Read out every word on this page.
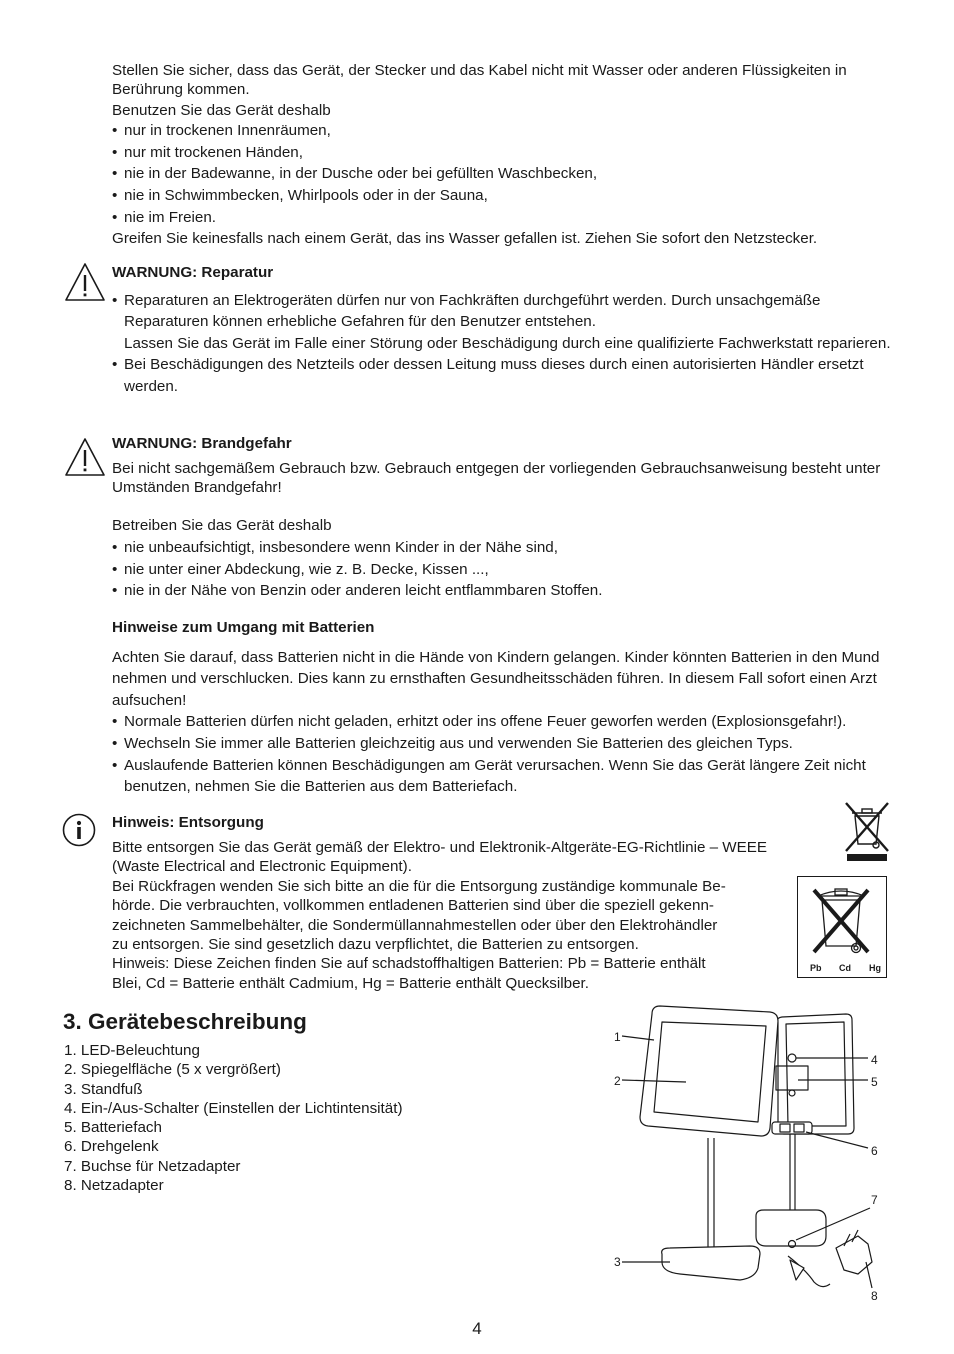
Stellen Sie sicher, dass das Gerät, der Stecker und das Kabel nicht mit Wasser oder anderen Flüssigkeiten in Berührung kommen.

Benutzen Sie das Gerät deshalb

• nur in trockenen Innenräumen,

• nur mit trockenen Händen,

• nie in der Badewanne, in der Dusche oder bei gefüllten Waschbecken,

• nie in Schwimmbecken, Whirlpools oder in der Sauna,

• nie im Freien.

Greifen Sie keinesfalls nach einem Gerät, das ins Wasser gefallen ist. Ziehen Sie sofort den Netzstecker.

WARNUNG: Reparatur

• Reparaturen an Elektrogeräten dürfen nur von Fachkräften durchgeführt werden. Durch unsachgemäße Reparaturen können erhebliche Gefahren für den Benutzer entstehen.

Lassen Sie das Gerät im Falle einer Störung oder Beschädigung durch eine qualifizierte Fachwerkstatt reparieren.

• Bei Beschädigungen des Netzteils oder dessen Leitung muss dieses durch einen autorisierten Händler ersetzt werden.

WARNUNG: Brandgefahr

Bei nicht sachgemäßem Gebrauch bzw. Gebrauch entgegen der vorliegenden Gebrauchsanweisung besteht unter Umständen Brandgefahr!

Betreiben Sie das Gerät deshalb

• nie unbeaufsichtigt, insbesondere wenn Kinder in der Nähe sind,

• nie unter einer Abdeckung, wie z. B. Decke, Kissen ...,

• nie in der Nähe von Benzin oder anderen leicht entflammbaren Stoffen.

Hinweise zum Umgang mit Batterien

Achten Sie darauf, dass Batterien nicht in die Hände von Kindern gelangen. Kinder könnten Batterien in den Mund nehmen und verschlucken. Dies kann zu ernsthaften Gesundheitsschäden führen. In diesem Fall sofort einen Arzt aufsuchen!

• Normale Batterien dürfen nicht geladen, erhitzt oder ins offene Feuer geworfen werden (Explosionsgefahr!).

• Wechseln Sie immer alle Batterien gleichzeitig aus und verwenden Sie Batterien des gleichen Typs.

• Auslaufende Batterien können Beschädigungen am Gerät verursachen. Wenn Sie das Gerät längere Zeit nicht benutzen, nehmen Sie die Batterien aus dem Batteriefach.

Hinweis: Entsorgung

Bitte entsorgen Sie das Gerät gemäß der Elektro- und Elektronik-Altgeräte-EG-Richtlinie – WEEE

(Waste Electrical and Electronic Equipment).

Bei Rückfragen wenden Sie sich bitte an die für die Entsorgung zuständige kommunale Be-

hörde. Die verbrauchten, vollkommen entladenen Batterien sind über die speziell gekenn-

zeichneten Sammelbehälter, die Sondermüllannahmestellen oder über den Elektrohändler

zu entsorgen. Sie sind gesetzlich dazu verpflichtet, die Batterien zu entsorgen.

Hinweis: Diese Zeichen finden Sie auf schadstoffhaltigen Batterien: Pb = Batterie enthält

Blei, Cd = Batterie enthält Cadmium, Hg = Batterie enthält Quecksilber.

Pb Cd Hg
3. Gerätebeschreibung
1. LED-Beleuchtung
2. Spiegelfläche (5 x vergrößert)
3. Standfuß
4. Ein-/Aus-Schalter (Einstellen der Lichtintensität)
5. Batteriefach
6. Drehgelenk
7. Buchse für Netzadapter
8. Netzadapter
1
2
3
4
5
6
7
8
4
